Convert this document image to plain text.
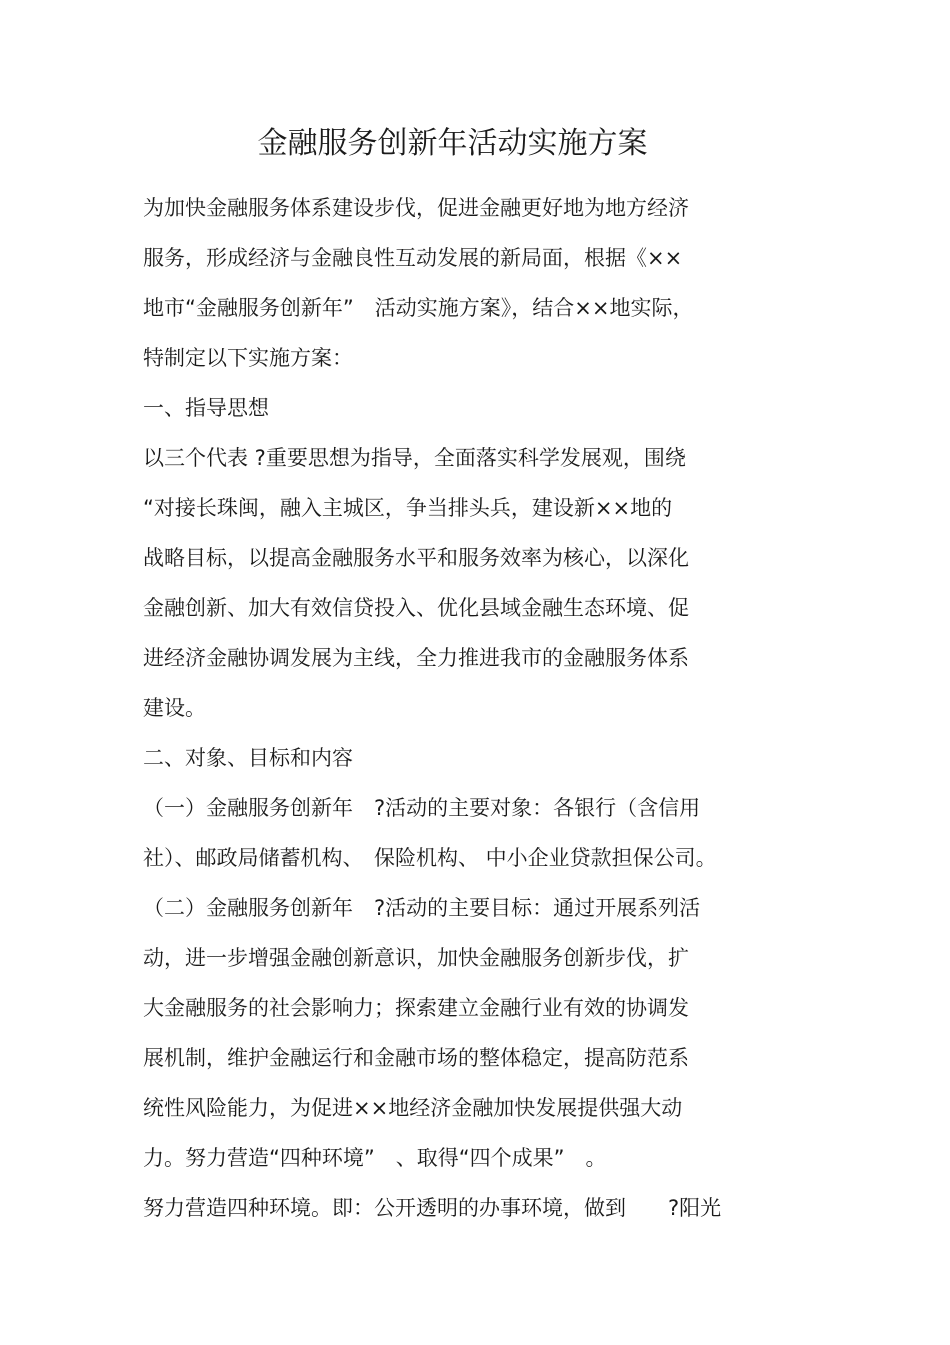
金融服务创新年活动实施方案
为加快金融服务体系建设步伐，促进金融更好地为地方经济
服务，形成经济与金融良性互动发展的新局面，根据《××
地市“金融服务创新年”　活动实施方案》，结合××地实际，
特制定以下实施方案：
一、指导思想
以三个代表 ?重要思想为指导，全面落实科学发展观，围绕
“对接长珠闽，融入主城区，争当排头兵，建设新××地的
战略目标，以提高金融服务水平和服务效率为核心，以深化
金融创新、加大有效信贷投入、优化县域金融生态环境、促
进经济金融协调发展为主线，全力推进我市的金融服务体系
建设。
二、对象、目标和内容
（一）金融服务创新年　?活动的主要对象：各银行（含信用
社）、邮政局储蓄机构、　保险机构、 中小企业贷款担保公司。
（二）金融服务创新年　?活动的主要目标：通过开展系列活
动，进一步增强金融创新意识，加快金融服务创新步伐，扩
大金融服务的社会影响力；探索建立金融行业有效的协调发
展机制，维护金融运行和金融市场的整体稳定，提高防范系
统性风险能力，为促进××地经济金融加快发展提供强大动
力。努力营造“四种环境”　、取得“四个成果”　。
努力营造四种环境。即：公开透明的办事环境，做到　　?阳光
